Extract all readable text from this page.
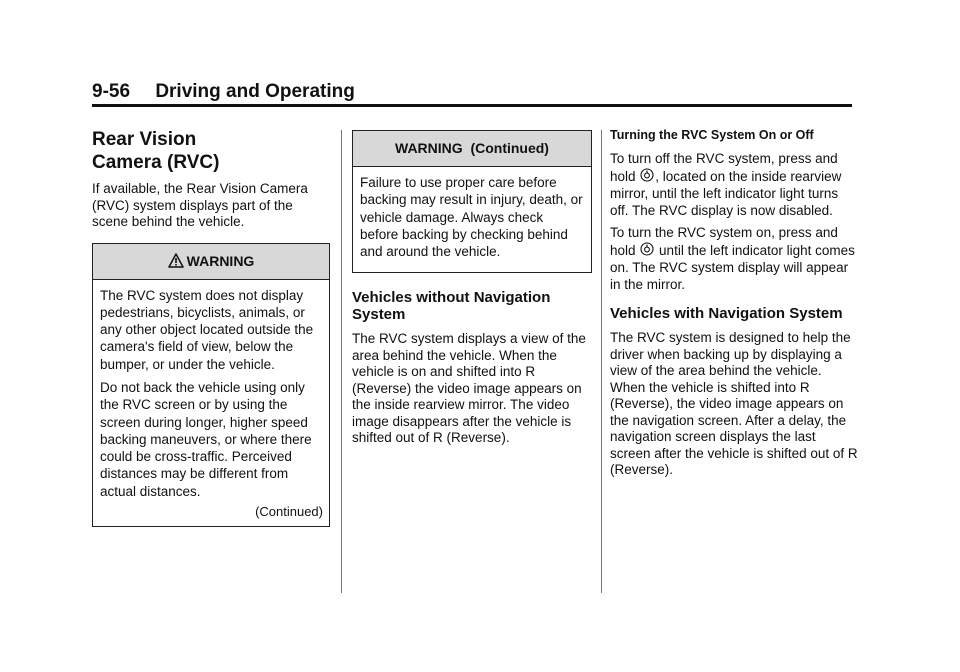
9-56 Driving and Operating
Rear Vision
Camera (RVC)

If available, the Rear Vision Camera (RVC) system displays part of the scene behind the vehicle.

WARNING

The RVC system does not display pedestrians, bicyclists, animals, or any other object located outside the camera's field of view, below the bumper, or under the vehicle.

Do not back the vehicle using only the RVC screen or by using the screen during longer, higher speed backing maneuvers, or where there could be cross-traffic. Perceived distances may be different from actual distances.

(Continued)
WARNING  (Continued)

Failure to use proper care before backing may result in injury, death, or vehicle damage. Always check before backing by checking behind and around the vehicle.

Vehicles without Navigation System

The RVC system displays a view of the area behind the vehicle. When the vehicle is on and shifted into R (Reverse) the video image appears on the inside rearview mirror. The video image disappears after the vehicle is shifted out of R (Reverse).

Turning the RVC System On or Off

To turn off the RVC system, press and hold , located on the inside rearview mirror, until the left indicator light turns off. The RVC display is now disabled.

To turn the RVC system on, press and hold  until the left indicator light comes on. The RVC system display will appear in the mirror.

Vehicles with Navigation System

The RVC system is designed to help the driver when backing up by displaying a view of the area behind the vehicle. When the vehicle is shifted into R (Reverse), the video image appears on the navigation screen. After a delay, the navigation screen displays the last screen after the vehicle is shifted out of R (Reverse).
